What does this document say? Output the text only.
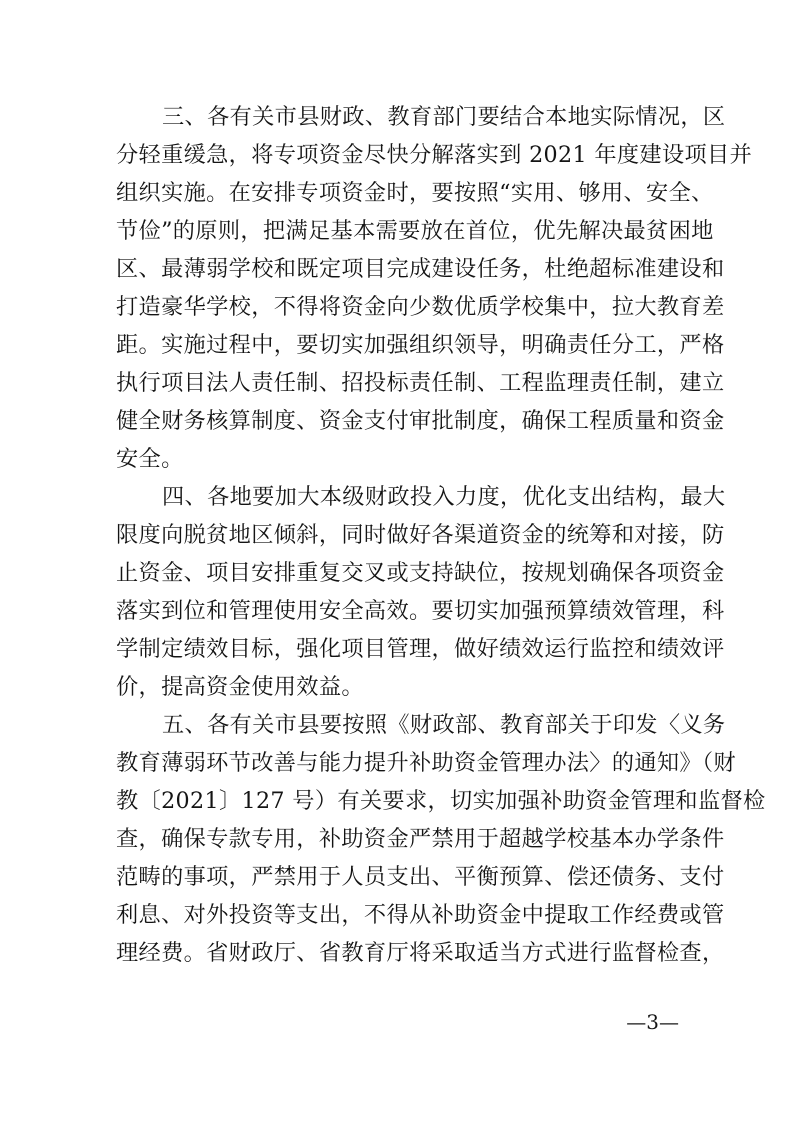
三、各有关市县财政、教育部门要结合本地实际情况，区
分轻重缓急，将专项资金尽快分解落实到 2021 年度建设项目并
组织实施。在安排专项资金时，要按照“实用、够用、安全、
节俭”的原则，把满足基本需要放在首位，优先解决最贫困地
区、最薄弱学校和既定项目完成建设任务，杜绝超标准建设和
打造豪华学校，不得将资金向少数优质学校集中，拉大教育差
距。实施过程中，要切实加强组织领导，明确责任分工，严格
执行项目法人责任制、招投标责任制、工程监理责任制，建立
健全财务核算制度、资金支付审批制度，确保工程质量和资金
安全。
四、各地要加大本级财政投入力度，优化支出结构，最大
限度向脱贫地区倾斜，同时做好各渠道资金的统筹和对接，防
止资金、项目安排重复交叉或支持缺位，按规划确保各项资金
落实到位和管理使用安全高效。要切实加强预算绩效管理，科
学制定绩效目标，强化项目管理，做好绩效运行监控和绩效评
价，提高资金使用效益。
五、各有关市县要按照《财政部、教育部关于印发〈义务
教育薄弱环节改善与能力提升补助资金管理办法〉的通知》（财
教〔2021〕127 号）有关要求，切实加强补助资金管理和监督检
查，确保专款专用，补助资金严禁用于超越学校基本办学条件
范畴的事项，严禁用于人员支出、平衡预算、偿还债务、支付
利息、对外投资等支出，不得从补助资金中提取工作经费或管
理经费。省财政厅、省教育厅将采取适当方式进行监督检查，
—3—
